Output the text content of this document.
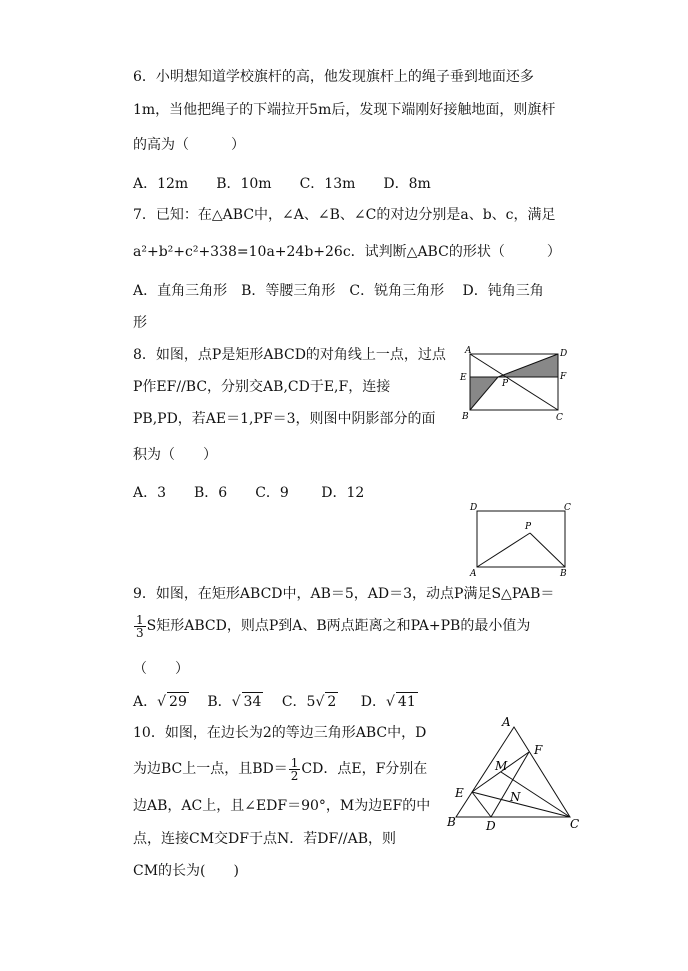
6．小明想知道学校旗杆的高，他发现旗杆上的绳子垂到地面还多
1m，当他把绳子的下端拉开5m后，发现下端刚好接触地面，则旗杆
的高为（　　　）
A．12m　　B．10m　　C．13m　　D．8m
7．已知：在△ABC中，∠A、∠B、∠C的对边分别是a、b、c，满足
a²+b²+c²+338=10a+24b+26c．试判断△ABC的形状（　　　）
A．直角三角形　B．等腰三角形　C．锐角三角形　 D．钝角三角
形
8．如图，点P是矩形ABCD的对角线上一点，过点
P作EF//BC，分别交AB,CD于E,F，连接
PB,PD，若AE＝1,PF＝3，则图中阴影部分的面
积为（　　）
A．3　　B．6　　C．9　　 D．12
A	D
E	F
P
B	C
D	C
P
A	B
9．如图，在矩形ABCD中，AB＝5，AD＝3，动点P满足S△PAB＝
$\frac{1}{3}$ S矩形ABCD，则点P到A、B两点距离之和PA+PB的最小值为
（　　）
A．√ 29 B．√ 34 C．5√ 2 D．√ 41
10．如图，在边长为2的等边三角形ABC中，D
为边BC上一点，且$BD= \frac{1}{2}$ CD．点E，F分别在
边AB，AC上，且∠EDF＝90°，M为边EF的中
点，连接CM交DF于点N．若DF//AB，则
CM的长为(　　)
A
F
M
E	N
B	D	C
